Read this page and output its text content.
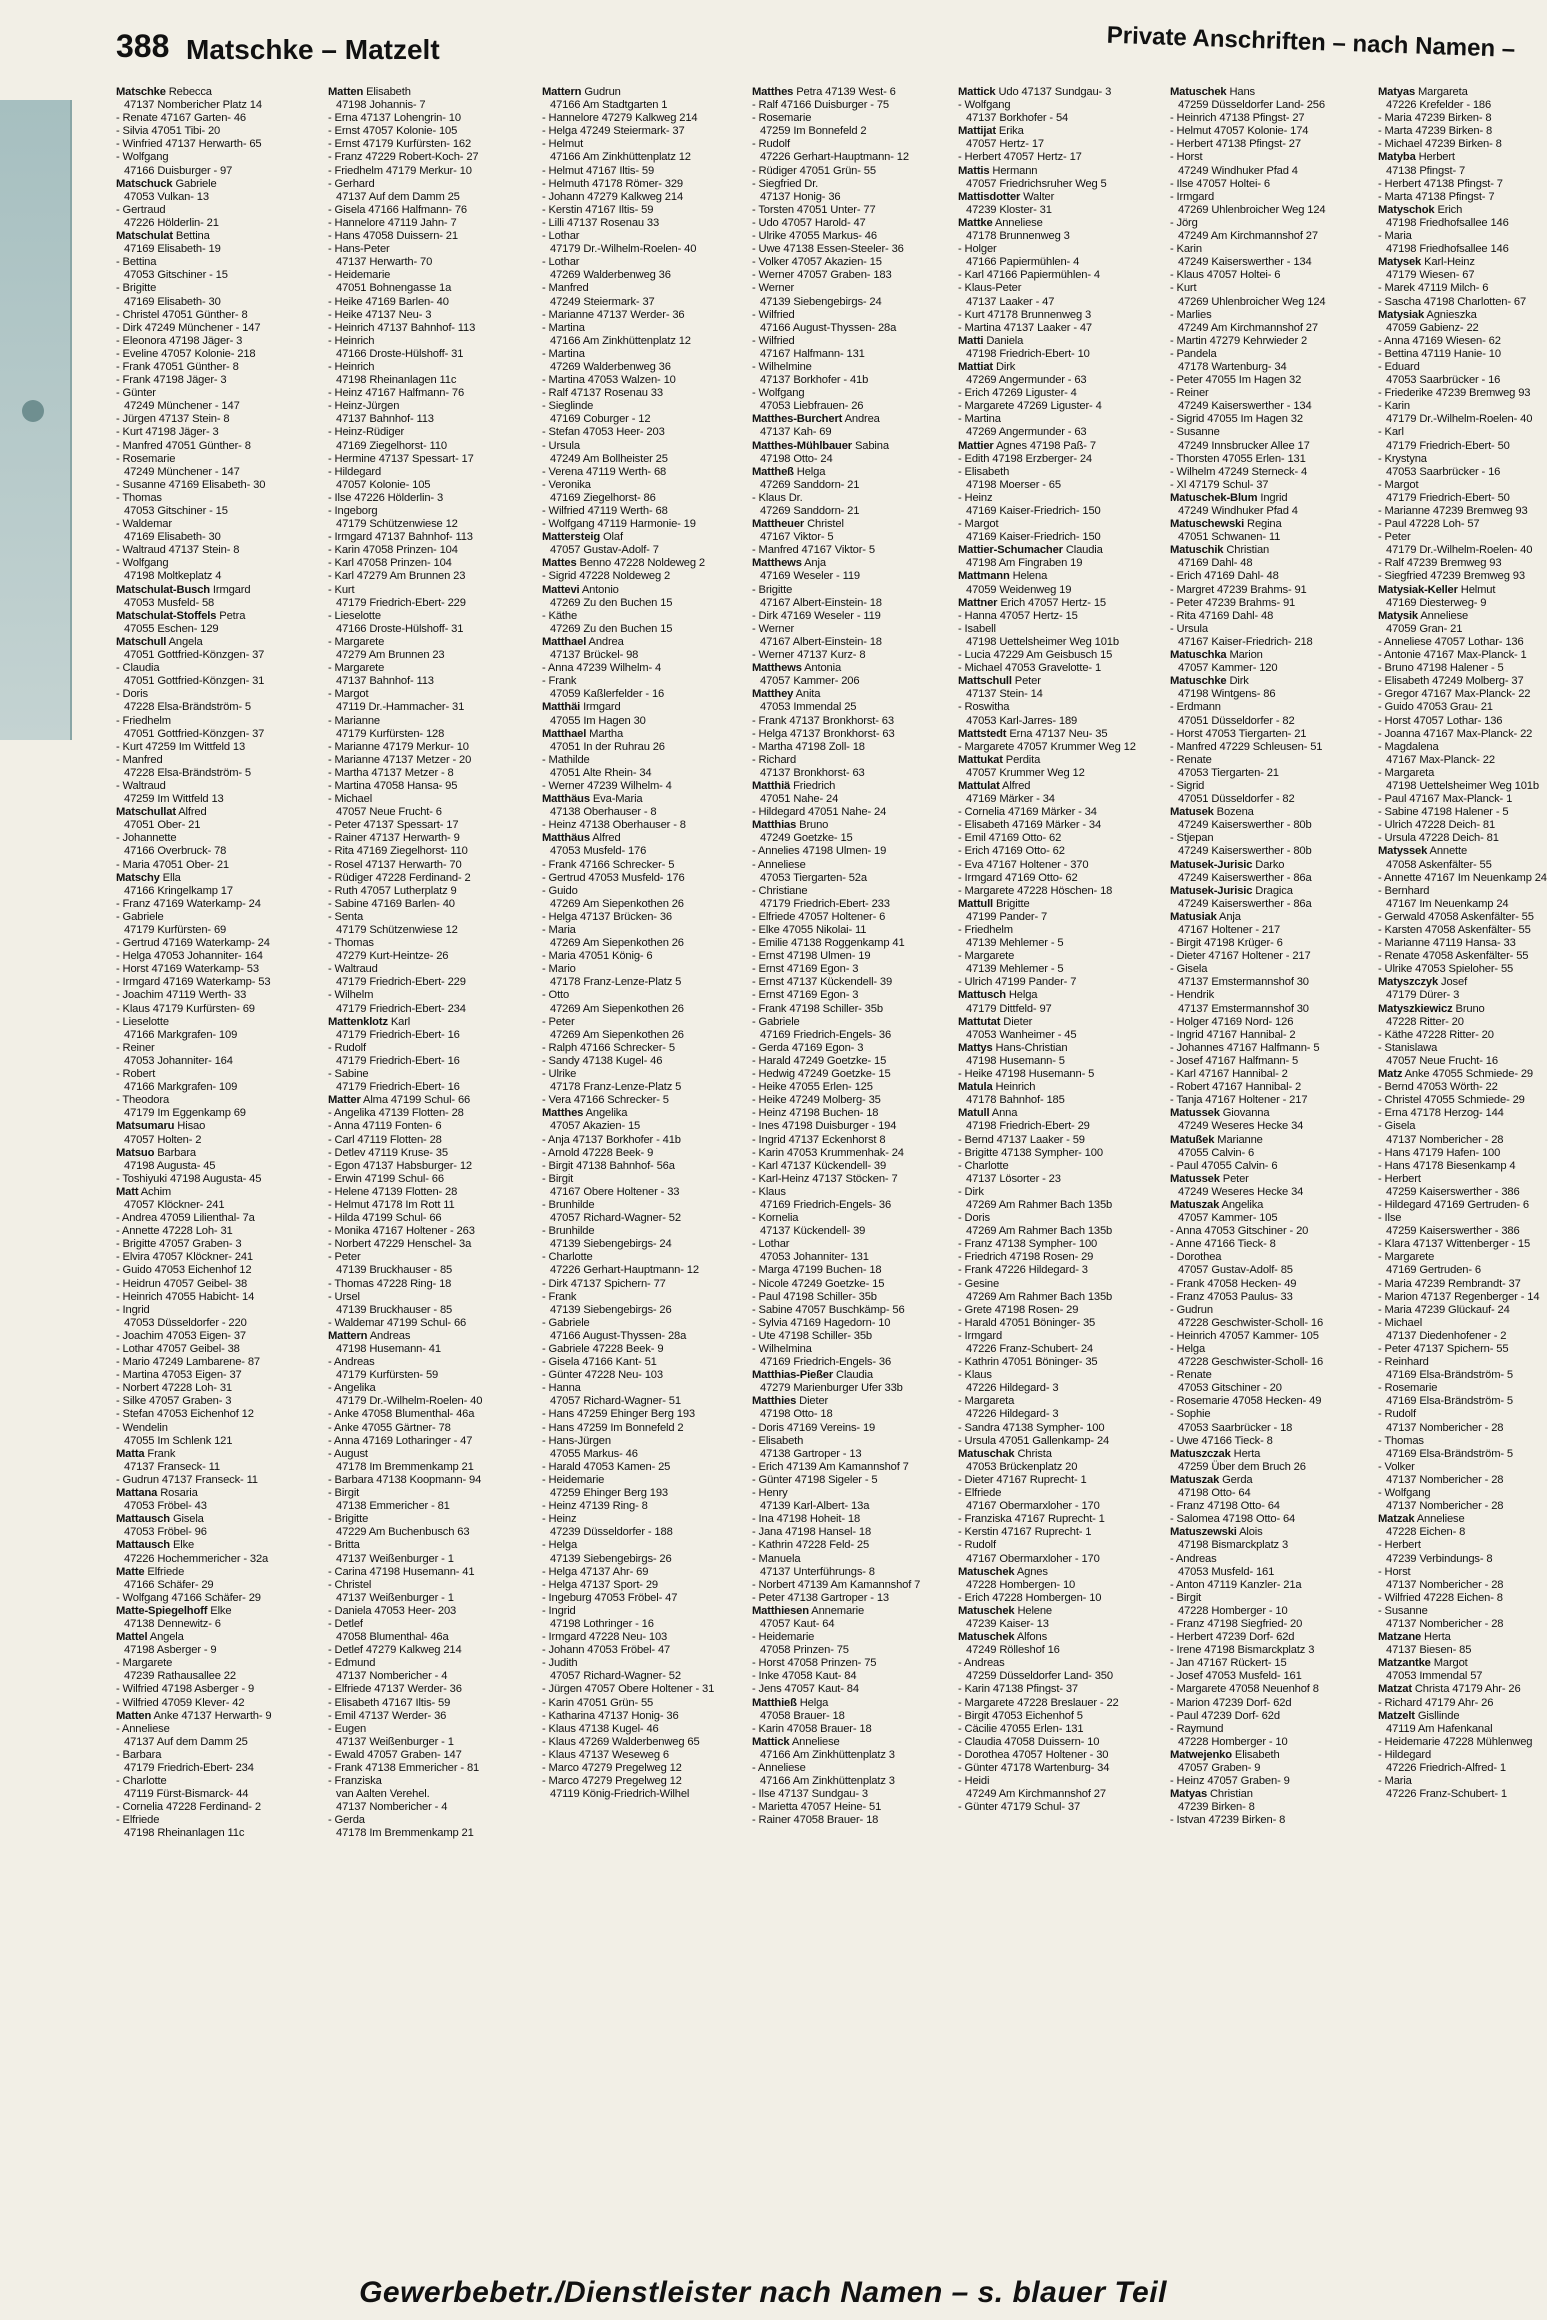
388 Matschke – Matzelt	Private Anschriften – nach Namen –
Matschke Rebecca
47137 Nombericher Platz 14
- Renate 47167 Garten- 46
- Silvia 47051 Tibi- 20
- Winfried 47137 Herwarth- 65
- Wolfgang
47166 Duisburger - 97
Matschuck Gabriele
47053 Vulkan- 13
- Gertraud
47226 Hölderlin- 21
Matschulat Bettina
47169 Elisabeth- 19
- Bettina
47053 Gitschiner - 15
- Brigitte
47169 Elisabeth- 30
- Christel 47051 Günther- 8
- Dirk 47249 Münchener - 147
- Eleonora 47198 Jäger- 3
- Eveline 47057 Kolonie- 218
- Frank 47051 Günther- 8
- Frank 47198 Jäger- 3
- Günter
47249 Münchener - 147
- Jürgen 47137 Stein- 8
- Kurt 47198 Jäger- 3
- Manfred 47051 Günther- 8
- Rosemarie
47249 Münchener - 147
- Susanne 47169 Elisabeth- 30
- Thomas
47053 Gitschiner - 15
- Waldemar
47169 Elisabeth- 30
- Waltraud 47137 Stein- 8
- Wolfgang
47198 Moltkeplatz 4
Matschulat-Busch Irmgard
47053 Musfeld- 58
Matschulat-Stoffels Petra
47055 Eschen- 129
Matschull Angela
47051 Gottfried-Könzgen- 37
- Claudia
47051 Gottfried-Könzgen- 31
- Doris
47228 Elsa-Brändström- 5
- Friedhelm
47051 Gottfried-Könzgen- 37
- Kurt 47259 Im Wittfeld 13
- Manfred
47228 Elsa-Brändström- 5
- Waltraud
47259 Im Wittfeld 13
Matschullat Alfred
47051 Ober- 21
- Johannette
47166 Overbruck- 78
- Maria 47051 Ober- 21
Matschy Ella
47166 Kringelkamp 17
- Franz 47169 Waterkamp- 24
- Gabriele
47179 Kurfürsten- 69
- Gertrud 47169 Waterkamp- 24
- Helga 47053 Johanniter- 164
- Horst 47169 Waterkamp- 53
- Irmgard 47169 Waterkamp- 53
- Joachim 47119 Werth- 33
- Klaus 47179 Kurfürsten- 69
- Lieselotte
47166 Markgrafen- 109
- Reiner
47053 Johanniter- 164
- Robert
47166 Markgrafen- 109
- Theodora
47179 Im Eggenkamp 69
Matsumaru Hisao
47057 Holten- 2
Matsuo Barbara
47198 Augusta- 45
- Toshiyuki 47198 Augusta- 45
Matt Achim
47057 Klöckner- 241
- Andrea 47059 Lilienthal- 7a
- Annette 47228 Loh- 31
- Brigitte 47057 Graben- 3
- Elvira 47057 Klöckner- 241
- Guido 47053 Eichenhof 12
- Heidrun 47057 Geibel- 38
- Heinrich 47055 Habicht- 14
- Ingrid
47053 Düsseldorfer - 220
- Joachim 47053 Eigen- 37
- Lothar 47057 Geibel- 38
- Mario 47249 Lambarene- 87
- Martina 47053 Eigen- 37
- Norbert 47228 Loh- 31
- Silke 47057 Graben- 3
- Stefan 47053 Eichenhof 12
- Wendelin
47055 Im Schlenk 121
Matta Frank
47137 Franseck- 11
- Gudrun 47137 Franseck- 11
Mattana Rosaria
47053 Fröbel- 43
Mattausch Gisela
47053 Fröbel- 96
Mattausch Elke
47226 Hochemmericher - 32a
Matte Elfriede
47166 Schäfer- 29
- Wolfgang 47166 Schäfer- 29
Matte-Spiegelhoff Elke
47138 Dennewitz- 6
Mattel Angela
47198 Asberger - 9
- Margarete
47239 Rathausallee 22
- Wilfried 47198 Asberger - 9
- Wilfried 47059 Klever- 42
Matten Anke 47137 Herwarth- 9
- Anneliese
47137 Auf dem Damm 25
- Barbara
47179 Friedrich-Ebert- 234
- Charlotte
47119 Fürst-Bismarck- 44
- Cornelia 47228 Ferdinand- 2
- Elfriede
47198 Rheinanlagen 11c
Matten Elisabeth
47198 Johannis- 7
- Erna 47137 Lohengrin- 10
- Ernst 47057 Kolonie- 105
- Ernst 47179 Kurfürsten- 162
- Franz 47229 Robert-Koch- 27
- Friedhelm 47179 Merkur- 10
- Gerhard
47137 Auf dem Damm 25
- Gisela 47166 Halfmann- 76
- Hannelore 47119 Jahn- 7
- Hans 47058 Duissern- 21
- Hans-Peter
47137 Herwarth- 70
- Heidemarie
47051 Bohnengasse 1a
- Heike 47169 Barlen- 40
- Heike 47137 Neu- 3
- Heinrich 47137 Bahnhof- 113
- Heinrich
47166 Droste-Hülshoff- 31
- Heinrich
47198 Rheinanlagen 11c
- Heinz 47167 Halfmann- 76
- Heinz-Jürgen
47137 Bahnhof- 113
- Heinz-Rüdiger
47169 Ziegelhorst- 110
- Hermine 47137 Spessart- 17
- Hildegard
47057 Kolonie- 105
- Ilse 47226 Hölderlin- 3
- Ingeborg
47179 Schützenwiese 12
- Irmgard 47137 Bahnhof- 113
- Karin 47058 Prinzen- 104
- Karl 47058 Prinzen- 104
- Karl 47279 Am Brunnen 23
- Kurt
47179 Friedrich-Ebert- 229
- Lieselotte
47166 Droste-Hülshoff- 31
- Margarete
47279 Am Brunnen 23
- Margarete
47137 Bahnhof- 113
- Margot
47119 Dr.-Hammacher- 31
- Marianne
47179 Kurfürsten- 128
- Marianne 47179 Merkur- 10
- Marianne 47137 Metzer - 20
- Martha 47137 Metzer - 8
- Martina 47058 Hansa- 95
- Michael
47057 Neue Frucht- 6
- Peter 47137 Spessart- 17
- Rainer 47137 Herwarth- 9
- Rita 47169 Ziegelhorst- 110
- Rosel 47137 Herwarth- 70
- Rüdiger 47228 Ferdinand- 2
- Ruth 47057 Lutherplatz 9
- Sabine 47169 Barlen- 40
- Senta
47179 Schützenwiese 12
- Thomas
47279 Kurt-Heintze- 26
- Waltraud
47179 Friedrich-Ebert- 229
- Wilhelm
47179 Friedrich-Ebert- 234
Mattenklotz Karl
47179 Friedrich-Ebert- 16
- Rudolf
47179 Friedrich-Ebert- 16
- Sabine
47179 Friedrich-Ebert- 16
Matter Alma 47199 Schul- 66
- Angelika 47139 Flotten- 28
- Anna 47119 Fonten- 6
- Carl 47119 Flotten- 28
- Detlev 47119 Kruse- 35
- Egon 47137 Habsburger- 12
- Erwin 47199 Schul- 66
- Helene 47139 Flotten- 28
- Helmut 47178 Im Rott 11
- Hilda 47199 Schul- 66
- Monika 47167 Holtener - 263
- Norbert 47229 Henschel- 3a
- Peter
47139 Bruckhauser - 85
- Thomas 47228 Ring- 18
- Ursel
47139 Bruckhauser - 85
- Waldemar 47199 Schul- 66
Mattern Andreas
47198 Husemann- 41
- Andreas
47179 Kurfürsten- 59
- Angelika
47179 Dr.-Wilhelm-Roelen- 40
- Anke 47058 Blumenthal- 46a
- Anke 47055 Gärtner- 78
- Anna 47169 Lotharinger - 47
- August
47178 Im Bremmenkamp 21
- Barbara 47138 Koopmann- 94
- Birgit
47138 Emmericher - 81
- Brigitte
47229 Am Buchenbusch 63
- Britta
47137 Weißenburger - 1
- Carina 47198 Husemann- 41
- Christel
47137 Weißenburger - 1
- Daniela 47053 Heer- 203
- Detlef
47058 Blumenthal- 46a
- Detlef 47279 Kalkweg 214
- Edmund
47137 Nombericher - 4
- Elfriede 47137 Werder- 36
- Elisabeth 47167 Iltis- 59
- Emil 47137 Werder- 36
- Eugen
47137 Weißenburger - 1
- Ewald 47057 Graben- 147
- Frank 47138 Emmericher - 81
- Franziska
van Aalten Verehel.
47137 Nombericher - 4
- Gerda
47178 Im Bremmenkamp 21
Mattern Gudrun
47166 Am Stadtgarten 1
- Hannelore 47279 Kalkweg 214
- Helga 47249 Steiermark- 37
- Helmut
47166 Am Zinkhüttenplatz 12
- Helmut 47167 Iltis- 59
- Helmuth 47178 Römer- 329
- Johann 47279 Kalkweg 214
- Kerstin 47167 Iltis- 59
- Lilli 47137 Rosenau 33
- Lothar
47179 Dr.-Wilhelm-Roelen- 40
- Lothar
47269 Walderbenweg 36
- Manfred
47249 Steiermark- 37
- Marianne 47137 Werder- 36
- Martina
47166 Am Zinkhüttenplatz 12
- Martina
47269 Walderbenweg 36
- Martina 47053 Walzen- 10
- Ralf 47137 Rosenau 33
- Sieglinde
47169 Coburger - 12
- Stefan 47053 Heer- 203
- Ursula
47249 Am Bollheister 25
- Verena 47119 Werth- 68
- Veronika
47169 Ziegelhorst- 86
- Wilfried 47119 Werth- 68
- Wolfgang 47119 Harmonie- 19
Mattersteig Olaf
47057 Gustav-Adolf- 7
Mattes Benno 47228 Noldeweg 2
- Sigrid 47228 Noldeweg 2
Mattevi Antonio
47269 Zu den Buchen 15
- Käthe
47269 Zu den Buchen 15
Matthael Andrea
47137 Brückel- 98
- Anna 47239 Wilhelm- 4
- Frank
47059 Kaßlerfelder - 16
Matthäi Irmgard
47055 Im Hagen 30
Matthael Martha
47051 In der Ruhrau 26
- Mathilde
47051 Alte Rhein- 34
- Werner 47239 Wilhelm- 4
Matthäus Eva-Maria
47138 Oberhauser - 8
- Heinz 47138 Oberhauser - 8
Matthäus Alfred
47053 Musfeld- 176
- Frank 47166 Schrecker- 5
- Gertrud 47053 Musfeld- 176
- Guido
47269 Am Siepenkothen 26
- Helga 47137 Brücken- 36
- Maria
47269 Am Siepenkothen 26
- Maria 47051 König- 6
- Mario
47178 Franz-Lenze-Platz 5
- Otto
47269 Am Siepenkothen 26
- Peter
47269 Am Siepenkothen 26
- Ralph 47166 Schrecker- 5
- Sandy 47138 Kugel- 46
- Ulrike
47178 Franz-Lenze-Platz 5
- Vera 47166 Schrecker- 5
Matthes Angelika
47057 Akazien- 15
- Anja 47137 Borkhofer - 41b
- Arnold 47228 Beek- 9
- Birgit 47138 Bahnhof- 56a
- Birgit
47167 Obere Holtener - 33
- Brunhilde
47057 Richard-Wagner- 52
- Brunhilde
47139 Siebengebirgs- 24
- Charlotte
47226 Gerhart-Hauptmann- 12
- Dirk 47137 Spichern- 77
- Frank
47139 Siebengebirgs- 26
- Gabriele
47166 August-Thyssen- 28a
- Gabriele 47228 Beek- 9
- Gisela 47166 Kant- 51
- Günter 47228 Neu- 103
- Hanna
47057 Richard-Wagner- 51
- Hans 47259 Ehinger Berg 193
- Hans 47259 Im Bonnefeld 2
- Hans-Jürgen
47055 Markus- 46
- Harald 47053 Kamen- 25
- Heidemarie
47259 Ehinger Berg 193
- Heinz 47139 Ring- 8
- Heinz
47239 Düsseldorfer - 188
- Helga
47139 Siebengebirgs- 26
- Helga 47137 Ahr- 69
- Helga 47137 Sport- 29
- Ingeburg 47053 Fröbel- 47
- Ingrid
47198 Lothringer - 16
- Irmgard 47228 Neu- 103
- Johann 47053 Fröbel- 47
- Judith
47057 Richard-Wagner- 52
- Jürgen 47057 Obere Holtener - 31
- Karin 47051 Grün- 55
- Katharina 47137 Honig- 36
- Klaus 47138 Kugel- 46
- Klaus 47269 Walderbenweg 65
- Klaus 47137 Weseweg 6
- Marco 47279 Pregelweg 12
- Marco 47279 Pregelweg 12
47119 König-Friedrich-Wilhel
Matthes Petra 47139 West- 6
- Ralf 47166 Duisburger - 75
- Rosemarie
47259 Im Bonnefeld 2
- Rudolf
47226 Gerhart-Hauptmann- 12
- Rüdiger 47051 Grün- 55
- Siegfried Dr.
47137 Honig- 36
- Torsten 47051 Unter- 77
- Udo 47057 Harold- 47
- Ulrike 47055 Markus- 46
- Uwe 47138 Essen-Steeler- 36
- Volker 47057 Akazien- 15
- Werner 47057 Graben- 183
- Werner
47139 Siebengebirgs- 24
- Wilfried
47166 August-Thyssen- 28a
- Wilfried
47167 Halfmann- 131
- Wilhelmine
47137 Borkhofer - 41b
- Wolfgang
47053 Liebfrauen- 26
Matthes-Burchert Andrea
47137 Kah- 69
Matthes-Mühlbauer Sabina
47198 Otto- 24
Mattheß Helga
47269 Sanddorn- 21
- Klaus Dr.
47269 Sanddorn- 21
Mattheuer Christel
47167 Viktor- 5
- Manfred 47167 Viktor- 5
Matthews Anja
47169 Weseler - 119
- Brigitte
47167 Albert-Einstein- 18
- Dirk 47169 Weseler - 119
- Werner
47167 Albert-Einstein- 18
- Werner 47137 Kurz- 8
Matthews Antonia
47057 Kammer- 206
Matthey Anita
47053 Immendal 25
- Frank 47137 Bronkhorst- 63
- Helga 47137 Bronkhorst- 63
- Martha 47198 Zoll- 18
- Richard
47137 Bronkhorst- 63
Matthiä Friedrich
47051 Nahe- 24
- Hildegard 47051 Nahe- 24
Matthias Bruno
47249 Goetzke- 15
- Annelies 47198 Ulmen- 19
- Anneliese
47053 Tiergarten- 52a
- Christiane
47179 Friedrich-Ebert- 233
- Elfriede 47057 Holtener- 6
- Elke 47055 Nikolai- 11
- Emilie 47138 Roggenkamp 41
- Ernst 47198 Ulmen- 19
- Ernst 47169 Egon- 3
- Ernst 47137 Kückendell- 39
- Ernst 47169 Egon- 3
- Frank 47198 Schiller- 35b
- Gabriele
47169 Friedrich-Engels- 36
- Gerda 47169 Egon- 3
- Harald 47249 Goetzke- 15
- Hedwig 47249 Goetzke- 15
- Heike 47055 Erlen- 125
- Heike 47249 Molberg- 35
- Heinz 47198 Buchen- 18
- Ines 47198 Duisburger - 194
- Ingrid 47137 Eckenhorst 8
- Karin 47053 Krummenhak- 24
- Karl 47137 Kückendell- 39
- Karl-Heinz 47137 Stöcken- 7
- Klaus
47169 Friedrich-Engels- 36
- Kornelia
47137 Kückendell- 39
- Lothar
47053 Johanniter- 131
- Marga 47199 Buchen- 18
- Nicole 47249 Goetzke- 15
- Paul 47198 Schiller- 35b
- Sabine 47057 Buschkämp- 56
- Sylvia 47169 Hagedorn- 10
- Ute 47198 Schiller- 35b
- Wilhelmina
47169 Friedrich-Engels- 36
Matthias-Pießer Claudia
47279 Marienburger Ufer 33b
Matthies Dieter
47198 Otto- 18
- Doris 47169 Vereins- 19
- Elisabeth
47138 Gartroper - 13
- Erich 47139 Am Kamannshof 7
- Günter 47198 Sigeler - 5
- Henry
47139 Karl-Albert- 13a
- Ina 47198 Hoheit- 18
- Jana 47198 Hansel- 18
- Kathrin 47228 Feld- 25
- Manuela
47137 Unterführungs- 8
- Norbert 47139 Am Kamannshof 7
- Peter 47138 Gartroper - 13
Matthiesen Annemarie
47057 Kaut- 64
- Heidemarie
47058 Prinzen- 75
- Horst 47058 Prinzen- 75
- Inke 47058 Kaut- 84
- Jens 47057 Kaut- 84
Matthieß Helga
47058 Brauer- 18
- Karin 47058 Brauer- 18
Mattick Anneliese
47166 Am Zinkhüttenplatz 3
- Anneliese
47166 Am Zinkhüttenplatz 3
- Ilse 47137 Sundgau- 3
- Marietta 47057 Heine- 51
- Rainer 47058 Brauer- 18
Mattick Udo 47137 Sundgau- 3
- Wolfgang
47137 Borkhofer - 54
Mattijat Erika
47057 Hertz- 17
- Herbert 47057 Hertz- 17
Mattis Hermann
47057 Friedrichsruher Weg 5
Mattisdotter Walter
47239 Kloster- 31
Mattke Anneliese
47178 Brunnenweg 3
- Holger
47166 Papiermühlen- 4
- Karl 47166 Papiermühlen- 4
- Klaus-Peter
47137 Laaker - 47
- Kurt 47178 Brunnenweg 3
- Martina 47137 Laaker - 47
Matti Daniela
47198 Friedrich-Ebert- 10
Mattiat Dirk
47269 Angermunder - 63
- Erich 47269 Liguster- 4
- Margarete 47269 Liguster- 4
- Martina
47269 Angermunder - 63
Mattier Agnes 47198 Paß- 7
- Edith 47198 Erzberger- 24
- Elisabeth
47198 Moerser - 65
- Heinz
47169 Kaiser-Friedrich- 150
- Margot
47169 Kaiser-Friedrich- 150
Mattier-Schumacher Claudia
47198 Am Fingraben 19
Mattmann Helena
47059 Weidenweg 19
Mattner Erich 47057 Hertz- 15
- Hanna 47057 Hertz- 15
- Isabell
47198 Uettelsheimer Weg 101b
- Lucia 47229 Am Geisbusch 15
- Michael 47053 Gravelotte- 1
Mattschull Peter
47137 Stein- 14
- Roswitha
47053 Karl-Jarres- 189
Mattstedt Erna 47137 Neu- 35
- Margarete 47057 Krummer Weg 12
Mattukat Perdita
47057 Krummer Weg 12
Mattulat Alfred
47169 Märker - 34
- Cornelia 47169 Märker - 34
- Elisabeth 47169 Märker - 34
- Emil 47169 Otto- 62
- Erich 47169 Otto- 62
- Eva 47167 Holtener - 370
- Irmgard 47169 Otto- 62
- Margarete 47228 Höschen- 18
Mattull Brigitte
47199 Pander- 7
- Friedhelm
47139 Mehlemer - 5
- Margarete
47139 Mehlemer - 5
- Ulrich 47199 Pander- 7
Mattusch Helga
47179 Dittfeld- 97
Mattutat Dieter
47053 Wanheimer - 45
Mattys Hans-Christian
47198 Husemann- 5
- Heike 47198 Husemann- 5
Matula Heinrich
47178 Bahnhof- 185
Matull Anna
47198 Friedrich-Ebert- 29
- Bernd 47137 Laaker - 59
- Brigitte 47138 Sympher- 100
- Charlotte
47137 Lösorter - 23
- Dirk
47269 Am Rahmer Bach 135b
- Doris
47269 Am Rahmer Bach 135b
- Franz 47138 Sympher- 100
- Friedrich 47198 Rosen- 29
- Frank 47226 Hildegard- 3
- Gesine
47269 Am Rahmer Bach 135b
- Grete 47198 Rosen- 29
- Harald 47051 Böninger- 35
- Irmgard
47226 Franz-Schubert- 24
- Kathrin 47051 Böninger- 35
- Klaus
47226 Hildegard- 3
- Margareta
47226 Hildegard- 3
- Sandra 47138 Sympher- 100
- Ursula 47051 Gallenkamp- 24
Matuschak Christa
47053 Brückenplatz 20
- Dieter 47167 Ruprecht- 1
- Elfriede
47167 Obermarxloher - 170
- Franziska 47167 Ruprecht- 1
- Kerstin 47167 Ruprecht- 1
- Rudolf
47167 Obermarxloher - 170
Matuschek Agnes
47228 Hombergen- 10
- Erich 47228 Hombergen- 10
Matuschek Helene
47239 Kaiser- 13
Matuschek Alfons
47249 Rölleshof 16
- Andreas
47259 Düsseldorfer Land- 350
- Karin 47138 Pfingst- 37
- Margarete 47228 Breslauer - 22
- Birgit 47053 Eichenhof 5
- Cäcilie 47055 Erlen- 131
- Claudia 47058 Duissern- 10
- Dorothea 47057 Holtener - 30
- Günter 47178 Wartenburg- 34
- Heidi
47249 Am Kirchmannshof 27
- Günter 47179 Schul- 37
Matuschek Hans
47259 Düsseldorfer Land- 256
- Heinrich 47138 Pfingst- 27
- Helmut 47057 Kolonie- 174
- Herbert 47138 Pfingst- 27
- Horst
47249 Windhuker Pfad 4
- Ilse 47057 Holtei- 6
- Irmgard
47269 Uhlenbroicher Weg 124
- Jörg
47249 Am Kirchmannshof 27
- Karin
47249 Kaiserswerther - 134
- Klaus 47057 Holtei- 6
- Kurt
47269 Uhlenbroicher Weg 124
- Marlies
47249 Am Kirchmannshof 27
- Martin 47279 Kehrwieder 2
- Pandela
47178 Wartenburg- 34
- Peter 47055 Im Hagen 32
- Reiner
47249 Kaiserswerther - 134
- Sigrid 47055 Im Hagen 32
- Susanne
47249 Innsbrucker Allee 17
- Thorsten 47055 Erlen- 131
- Wilhelm 47249 Sterneck- 4
- Xl 47179 Schul- 37
Matuschek-Blum Ingrid
47249 Windhuker Pfad 4
Matuschewski Regina
47051 Schwanen- 11
Matuschik Christian
47169 Dahl- 48
- Erich 47169 Dahl- 48
- Margret 47239 Brahms- 91
- Peter 47239 Brahms- 91
- Rita 47169 Dahl- 48
- Ursula
47167 Kaiser-Friedrich- 218
Matuschka Marion
47057 Kammer- 120
Matuschke Dirk
47198 Wintgens- 86
- Erdmann
47051 Düsseldorfer - 82
- Horst 47053 Tiergarten- 21
- Manfred 47229 Schleusen- 51
- Renate
47053 Tiergarten- 21
- Sigrid
47051 Düsseldorfer - 82
Matusek Bozena
47249 Kaiserswerther - 80b
- Stjepan
47249 Kaiserswerther - 80b
Matusek-Jurisic Darko
47249 Kaiserswerther - 86a
Matusek-Jurisic Dragica
47249 Kaiserswerther - 86a
Matusiak Anja
47167 Holtener - 217
- Birgit 47198 Krüger- 6
- Dieter 47167 Holtener - 217
- Gisela
47137 Emstermannshof 30
- Hendrik
47137 Emstermannshof 30
- Holger 47169 Nord- 126
- Ingrid 47167 Hannibal- 2
- Johannes 47167 Halfmann- 5
- Josef 47167 Halfmann- 5
- Karl 47167 Hannibal- 2
- Robert 47167 Hannibal- 2
- Tanja 47167 Holtener - 217
Matussek Giovanna
47249 Weseres Hecke 34
Matußek Marianne
47055 Calvin- 6
- Paul 47055 Calvin- 6
Matussek Peter
47249 Weseres Hecke 34
Matuszak Angelika
47057 Kammer- 105
- Anna 47053 Gitschiner - 20
- Anne 47166 Tieck- 8
- Dorothea
47057 Gustav-Adolf- 85
- Frank 47058 Hecken- 49
- Franz 47053 Paulus- 33
- Gudrun
47228 Geschwister-Scholl- 16
- Heinrich 47057 Kammer- 105
- Helga
47228 Geschwister-Scholl- 16
- Renate
47053 Gitschiner - 20
- Rosemarie 47058 Hecken- 49
- Sophie
47053 Saarbrücker - 18
- Uwe 47166 Tieck- 8
Matuszczak Herta
47259 Über dem Bruch 26
Matuszak Gerda
47198 Otto- 64
- Franz 47198 Otto- 64
- Salomea 47198 Otto- 64
Matuszewski Alois
47198 Bismarckplatz 3
- Andreas
47053 Musfeld- 161
- Anton 47119 Kanzler- 21a
- Birgit
47228 Homberger - 10
- Franz 47198 Siegfried- 20
- Herbert 47239 Dorf- 62d
- Irene 47198 Bismarckplatz 3
- Jan 47167 Rückert- 15
- Josef 47053 Musfeld- 161
- Margarete 47058 Neuenhof 8
- Marion 47239 Dorf- 62d
- Paul 47239 Dorf- 62d
- Raymund
47228 Homberger - 10
Matwejenko Elisabeth
47057 Graben- 9
- Heinz 47057 Graben- 9
Matyas Christian
47239 Birken- 8
- Istvan 47239 Birken- 8
Matyas Margareta
47226 Krefelder - 186
- Maria 47239 Birken- 8
- Marta 47239 Birken- 8
- Michael 47239 Birken- 8
Matyba Herbert
47138 Pfingst- 7
- Herbert 47138 Pfingst- 7
- Marta 47138 Pfingst- 7
Matyschok Erich
47198 Friedhofsallee 146
- Maria
47198 Friedhofsallee 146
Matysek Karl-Heinz
47179 Wiesen- 67
- Marek 47119 Milch- 6
- Sascha 47198 Charlotten- 67
Matysiak Agnieszka
47059 Gabienz- 22
- Anna 47169 Wiesen- 62
- Bettina 47119 Hanie- 10
- Eduard
47053 Saarbrücker - 16
- Friederike 47239 Bremweg 93
- Karin
47179 Dr.-Wilhelm-Roelen- 40
- Karl
47179 Friedrich-Ebert- 50
- Krystyna
47053 Saarbrücker - 16
- Margot
47179 Friedrich-Ebert- 50
- Marianne 47239 Bremweg 93
- Paul 47228 Loh- 57
- Peter
47179 Dr.-Wilhelm-Roelen- 40
- Ralf 47239 Bremweg 93
- Siegfried 47239 Bremweg 93
Matysiak-Keller Helmut
47169 Diesterweg- 9
Matysik Anneliese
47059 Gran- 21
- Anneliese 47057 Lothar- 136
- Antonie 47167 Max-Planck- 1
- Bruno 47198 Halener - 5
- Elisabeth 47249 Molberg- 37
- Gregor 47167 Max-Planck- 22
- Guido 47053 Grau- 21
- Horst 47057 Lothar- 136
- Joanna 47167 Max-Planck- 22
- Magdalena
47167 Max-Planck- 22
- Margareta
47198 Uettelsheimer Weg 101b
- Paul 47167 Max-Planck- 1
- Sabine 47198 Halener - 5
- Ulrich 47228 Deich- 81
- Ursula 47228 Deich- 81
Matyssek Annette
47058 Askenfälter- 55
- Annette 47167 Im Neuenkamp 24
- Bernhard
47167 Im Neuenkamp 24
- Gerwald 47058 Askenfälter- 55
- Karsten 47058 Askenfälter- 55
- Marianne 47119 Hansa- 33
- Renate 47058 Askenfälter- 55
- Ulrike 47053 Spieloher- 55
Matyszczyk Josef
47179 Dürer- 3
Matyszkiewicz Bruno
47228 Ritter- 20
- Käthe 47228 Ritter- 20
- Stanislawa
47057 Neue Frucht- 16
Matz Anke 47055 Schmiede- 29
- Bernd 47053 Wörth- 22
- Christel 47055 Schmiede- 29
- Erna 47178 Herzog- 144
- Gisela
47137 Nombericher - 28
- Hans 47179 Hafen- 100
- Hans 47178 Biesenkamp 4
- Herbert
47259 Kaiserswerther - 386
- Hildegard 47169 Gertruden- 6
- Ilse
47259 Kaiserswerther - 386
- Klara 47137 Wittenberger - 15
- Margarete
47169 Gertruden- 6
- Maria 47239 Rembrandt- 37
- Marion 47137 Regenberger - 14
- Maria 47239 Glückauf- 24
- Michael
47137 Diedenhofener - 2
- Peter 47137 Spichern- 55
- Reinhard
47169 Elsa-Brändström- 5
- Rosemarie
47169 Elsa-Brändström- 5
- Rudolf
47137 Nombericher - 28
- Thomas
47169 Elsa-Brändström- 5
- Volker
47137 Nombericher - 28
- Wolfgang
47137 Nombericher - 28
Matzak Anneliese
47228 Eichen- 8
- Herbert
47239 Verbindungs- 8
- Horst
47137 Nombericher - 28
- Wilfried 47228 Eichen- 8
- Susanne
47137 Nombericher - 28
Matzane Herta
47137 Biesen- 85
Matzantke Margot
47053 Immendal 57
Matzat Christa 47179 Ahr- 26
- Richard 47179 Ahr- 26
Matzelt Gisllinde
47119 Am Hafenkanal
- Heidemarie 47228 Mühlenweg
- Hildegard
47226 Friedrich-Alfred- 1
- Maria
47226 Franz-Schubert- 1
Gewerbebetr./Dienstleister nach Namen – s. blauer Teil
